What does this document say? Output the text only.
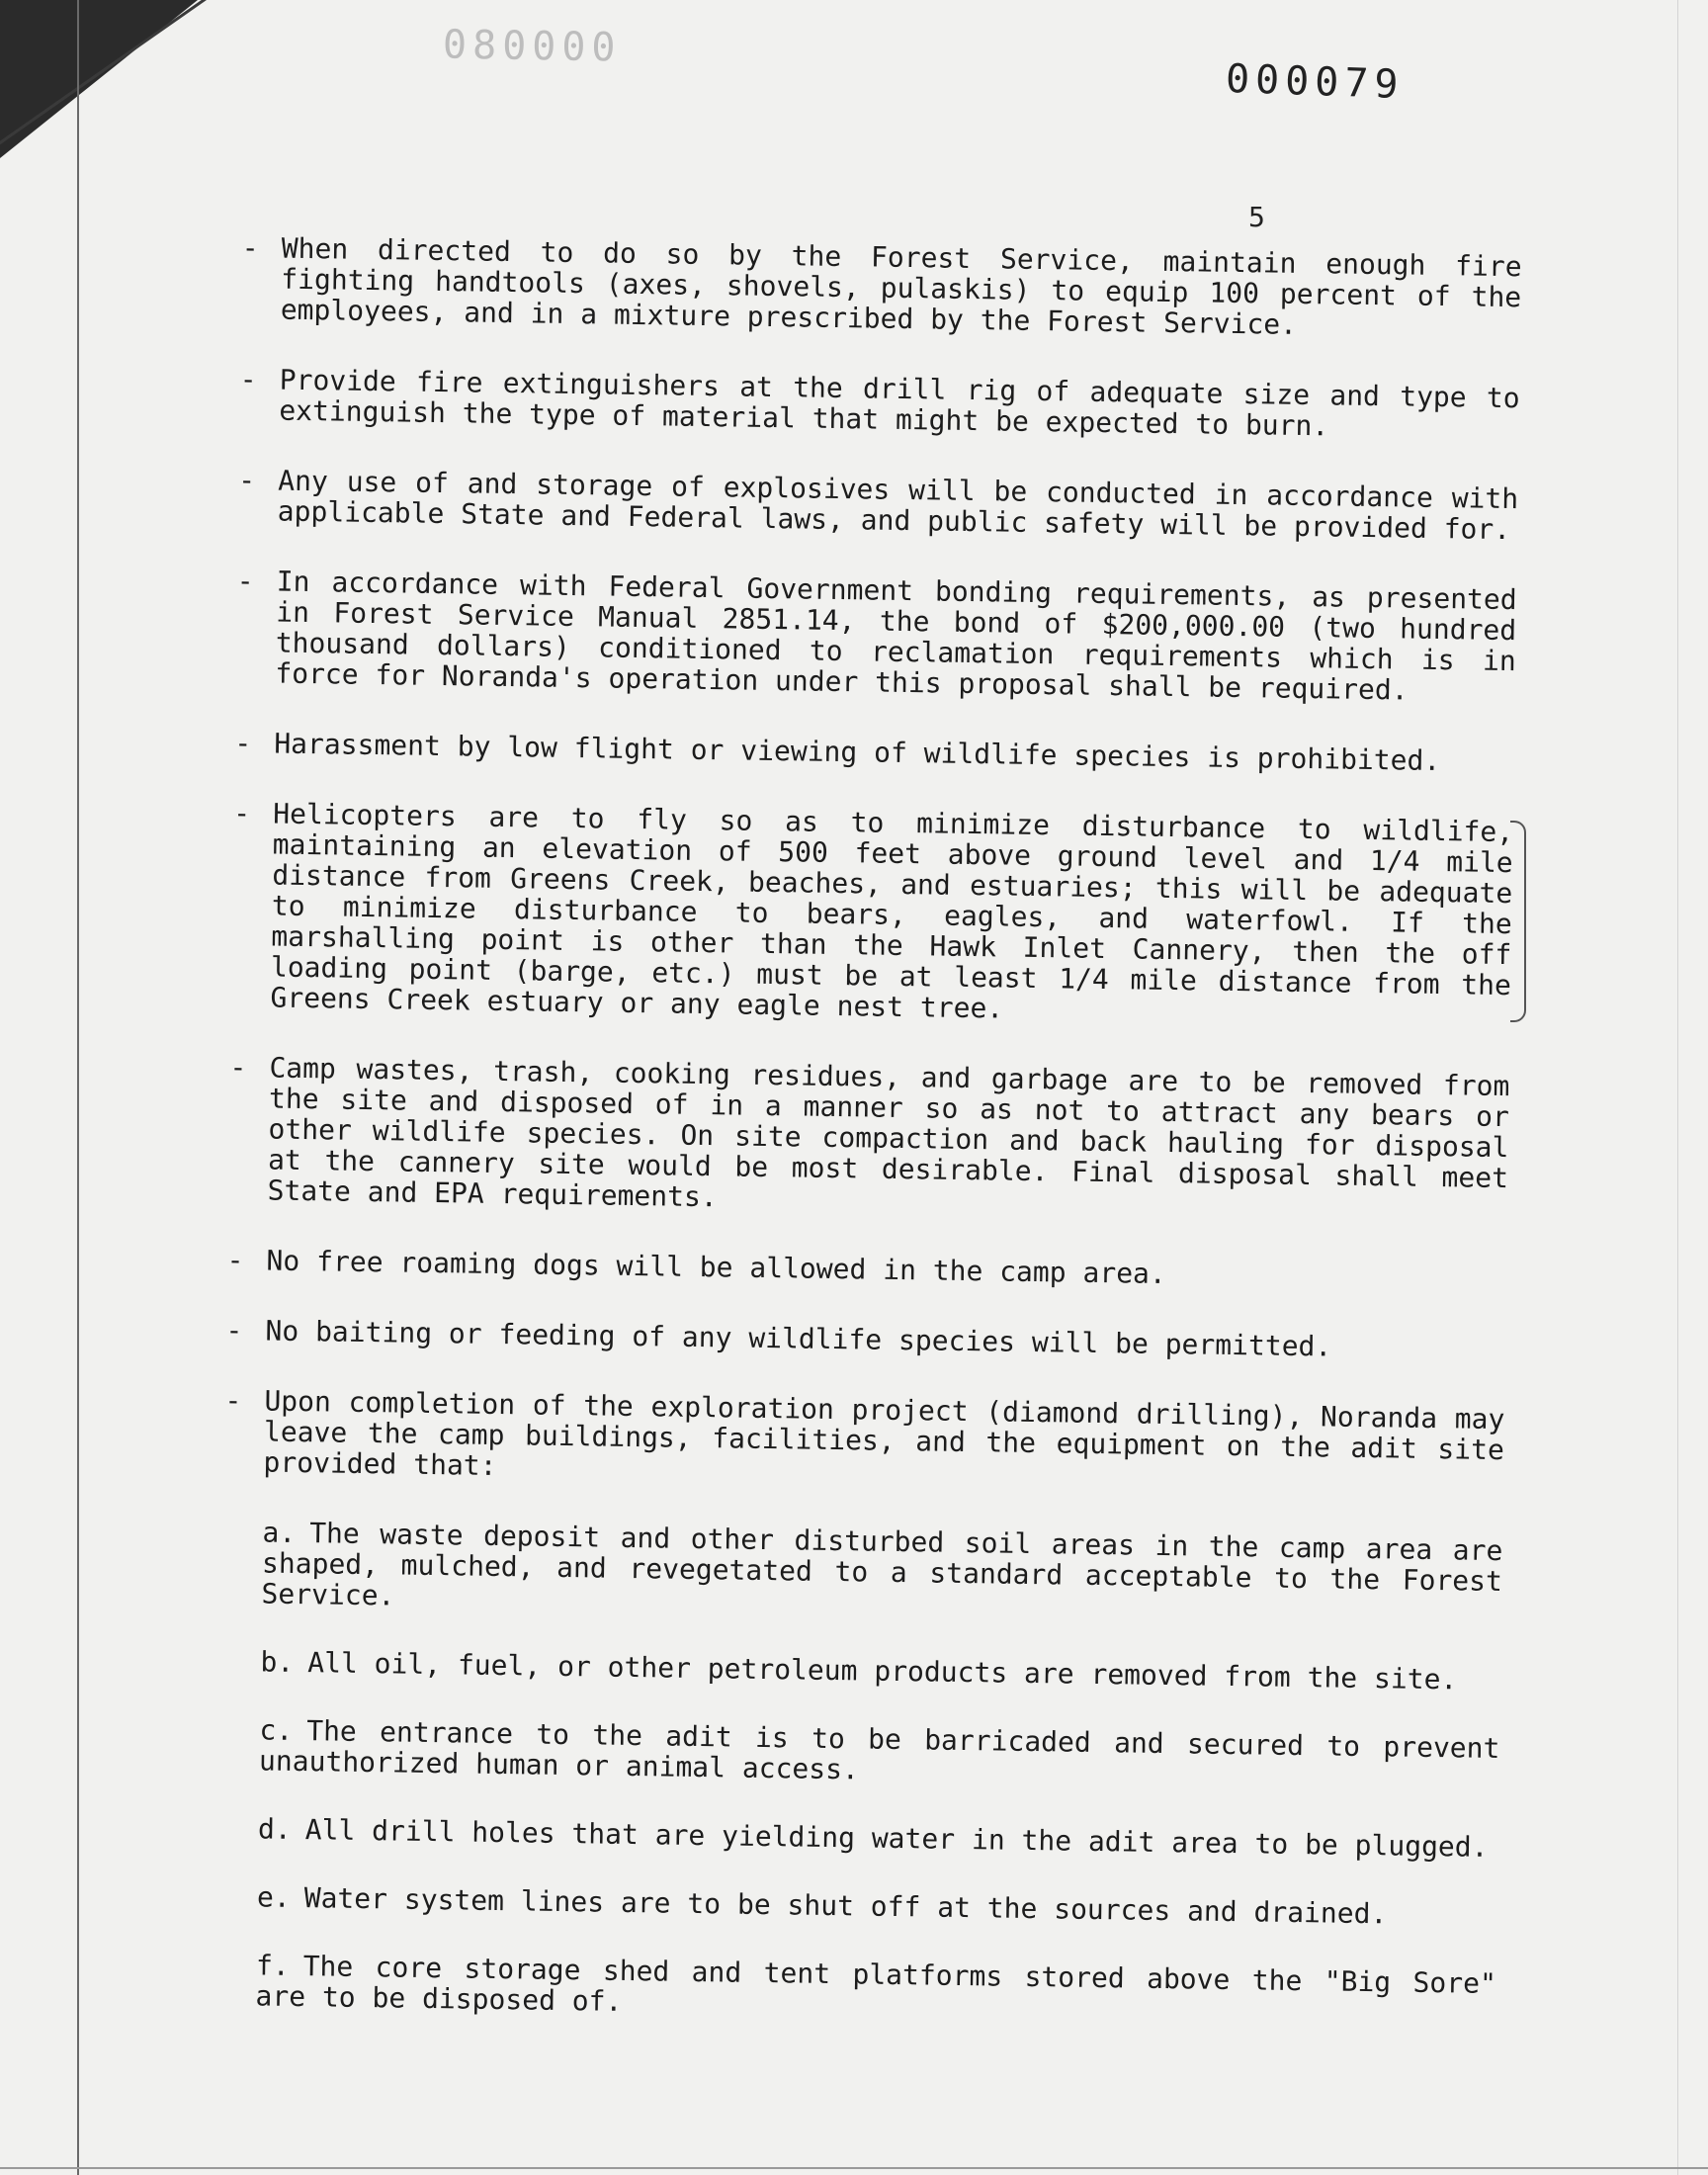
080000
000079
5
- When directed to do so by the Forest Service, maintain enough fire fighting handtools (axes, shovels, pulaskis) to equip 100 percent of the employees, and in a mixture prescribed by the Forest Service.
- Provide fire extinguishers at the drill rig of adequate size and type to extinguish the type of material that might be expected to burn.
- Any use of and storage of explosives will be conducted in accordance with applicable State and Federal laws, and public safety will be provided for.
- In accordance with Federal Government bonding requirements, as presented in Forest Service Manual 2851.14, the bond of $200,000.00 (two hundred thousand dollars) conditioned to reclamation requirements which is in force for Noranda's operation under this proposal shall be required.
- Harassment by low flight or viewing of wildlife species is prohibited.
- Helicopters are to fly so as to minimize disturbance to wildlife, maintaining an elevation of 500 feet above ground level and 1/4 mile distance from Greens Creek, beaches, and estuaries; this will be adequate to minimize disturbance to bears, eagles, and waterfowl. If the marshalling point is other than the Hawk Inlet Cannery, then the off loading point (barge, etc.) must be at least 1/4 mile distance from the Greens Creek estuary or any eagle nest tree.
- Camp wastes, trash, cooking residues, and garbage are to be removed from the site and disposed of in a manner so as not to attract any bears or other wildlife species. On site compaction and back hauling for disposal at the cannery site would be most desirable. Final disposal shall meet State and EPA requirements.
- No free roaming dogs will be allowed in the camp area.
- No baiting or feeding of any wildlife species will be permitted.
- Upon completion of the exploration project (diamond drilling), Noranda may leave the camp buildings, facilities, and the equipment on the adit site provided that:
a. The waste deposit and other disturbed soil areas in the camp area are shaped, mulched, and revegetated to a standard acceptable to the Forest Service.
b. All oil, fuel, or other petroleum products are removed from the site.
c. The entrance to the adit is to be barricaded and secured to prevent unauthorized human or animal access.
d. All drill holes that are yielding water in the adit area to be plugged.
e. Water system lines are to be shut off at the sources and drained.
f. The core storage shed and tent platforms stored above the "Big Sore" are to be disposed of.
